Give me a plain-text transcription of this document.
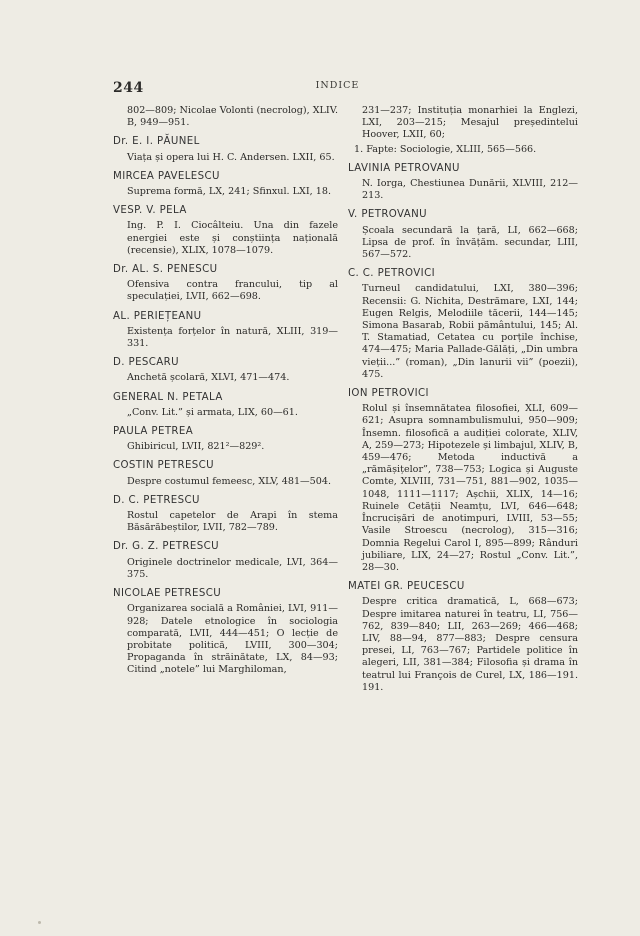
244	INDICE
802—809; Nicolae Volonti (necrolog), XLIV. B, 949—951.
Dr. E. I. PĂUNEL
Viața și opera lui H. C. Andersen. LXII, 65.
MIRCEA PAVELESCU
Suprema formă, LX, 241; Sfinxul. LXI, 18.
VESP. V. PELA
Ing. P. I. Ciocâlteiu. Una din fazele energiei este și conștiința națională (recensie), XLIX, 1078—1079.
Dr. AL. S. PENESCU
Ofensiva contra francului, tip al speculației, LVII, 662—698.
AL. PERIEȚEANU
Existența forțelor în natură, XLIII, 319—331.
D. PESCARU
Anchetă școlară, XLVI, 471—474.
GENERAL N. PETALA
„Conv. Lit.” și armata, LIX, 60—61.
PAULA PETREA
Ghibiricul, LVII, 821²—829².
COSTIN PETRESCU
Despre costumul femeesc, XLV, 481—504.
D. C. PETRESCU
Rostul capetelor de Arapi în stema Băsărăbeștilor, LVII, 782—789.
Dr. G. Z. PETRESCU
Originele doctrinelor medicale, LVI, 364—375.
NICOLAE PETRESCU
Organizarea socială a României, LVI, 911—928; Datele etnologice în sociologia comparată, LVII, 444—451; O lecție de probitate politică, LVIII, 300—304; Propaganda în străinătate, LX, 84—93; Citind „notele” lui Marghiloman,
231—237; Instituția monarhiei la Englezi, LXI, 203—215; Mesajul președintelui Hoover, LXII, 60;
1. Fapte: Sociologie, XLIII, 565—566.
LAVINIA PETROVANU
N. Iorga, Chestiunea Dunării, XLVIII, 212—213.
V. PETROVANU
Școala secundară la țară, LI, 662—668; Lipsa de prof. în învățăm. secundar, LIII, 567—572.
C. C. PETROVICI
Turneul candidatului, LXI, 380—396; Recensii: G. Nichita, Destrămare, LXI, 144; Eugen Relgis, Melodiile tăcerii, 144—145; Simona Basarab, Robii pământului, 145; Al. T. Stamatiad, Cetatea cu porțile închise, 474—475; Maria Pallade-Gălăți, „Din umbra vieții...” (roman), „Din lanurii vii” (poezii), 475.
ION PETROVICI
Rolul și însemnătatea filosofiei, XLI, 609—621; Asupra somnambulismului, 950—909; Însemn. filosofică a audiției colorate, XLIV, A, 259—273; Hipotezele și limbajul, XLIV, B, 459—476; Metoda inductivă a „rămășițelor”, 738—753; Logica și Auguste Comte, XLVIII, 731—751, 881—902, 1035—1048, 1111—1117; Așchii, XLIX, 14—16; Ruinele Cetății Neamțu, LVI, 646—648; Încrucișări de anotimpuri, LVIII, 53—55; Vasile Stroescu (necrolog), 315—316; Domnia Regelui Carol I, 895—899; Rânduri jubiliare, LIX, 24—27; Rostul „Conv. Lit.”, 28—30.
MATEI GR. PEUCESCU
Despre critica dramatică, L, 668—673; Despre imitarea naturei în teatru, LI, 756—762, 839—840; LII, 263—269; 466—468; LIV, 88—94, 877—883; Despre censura presei, LI, 763—767; Partidele politice în alegeri, LII, 381—384; Filosofia și drama în teatrul lui François de Curel, LX, 186—191. 191.
